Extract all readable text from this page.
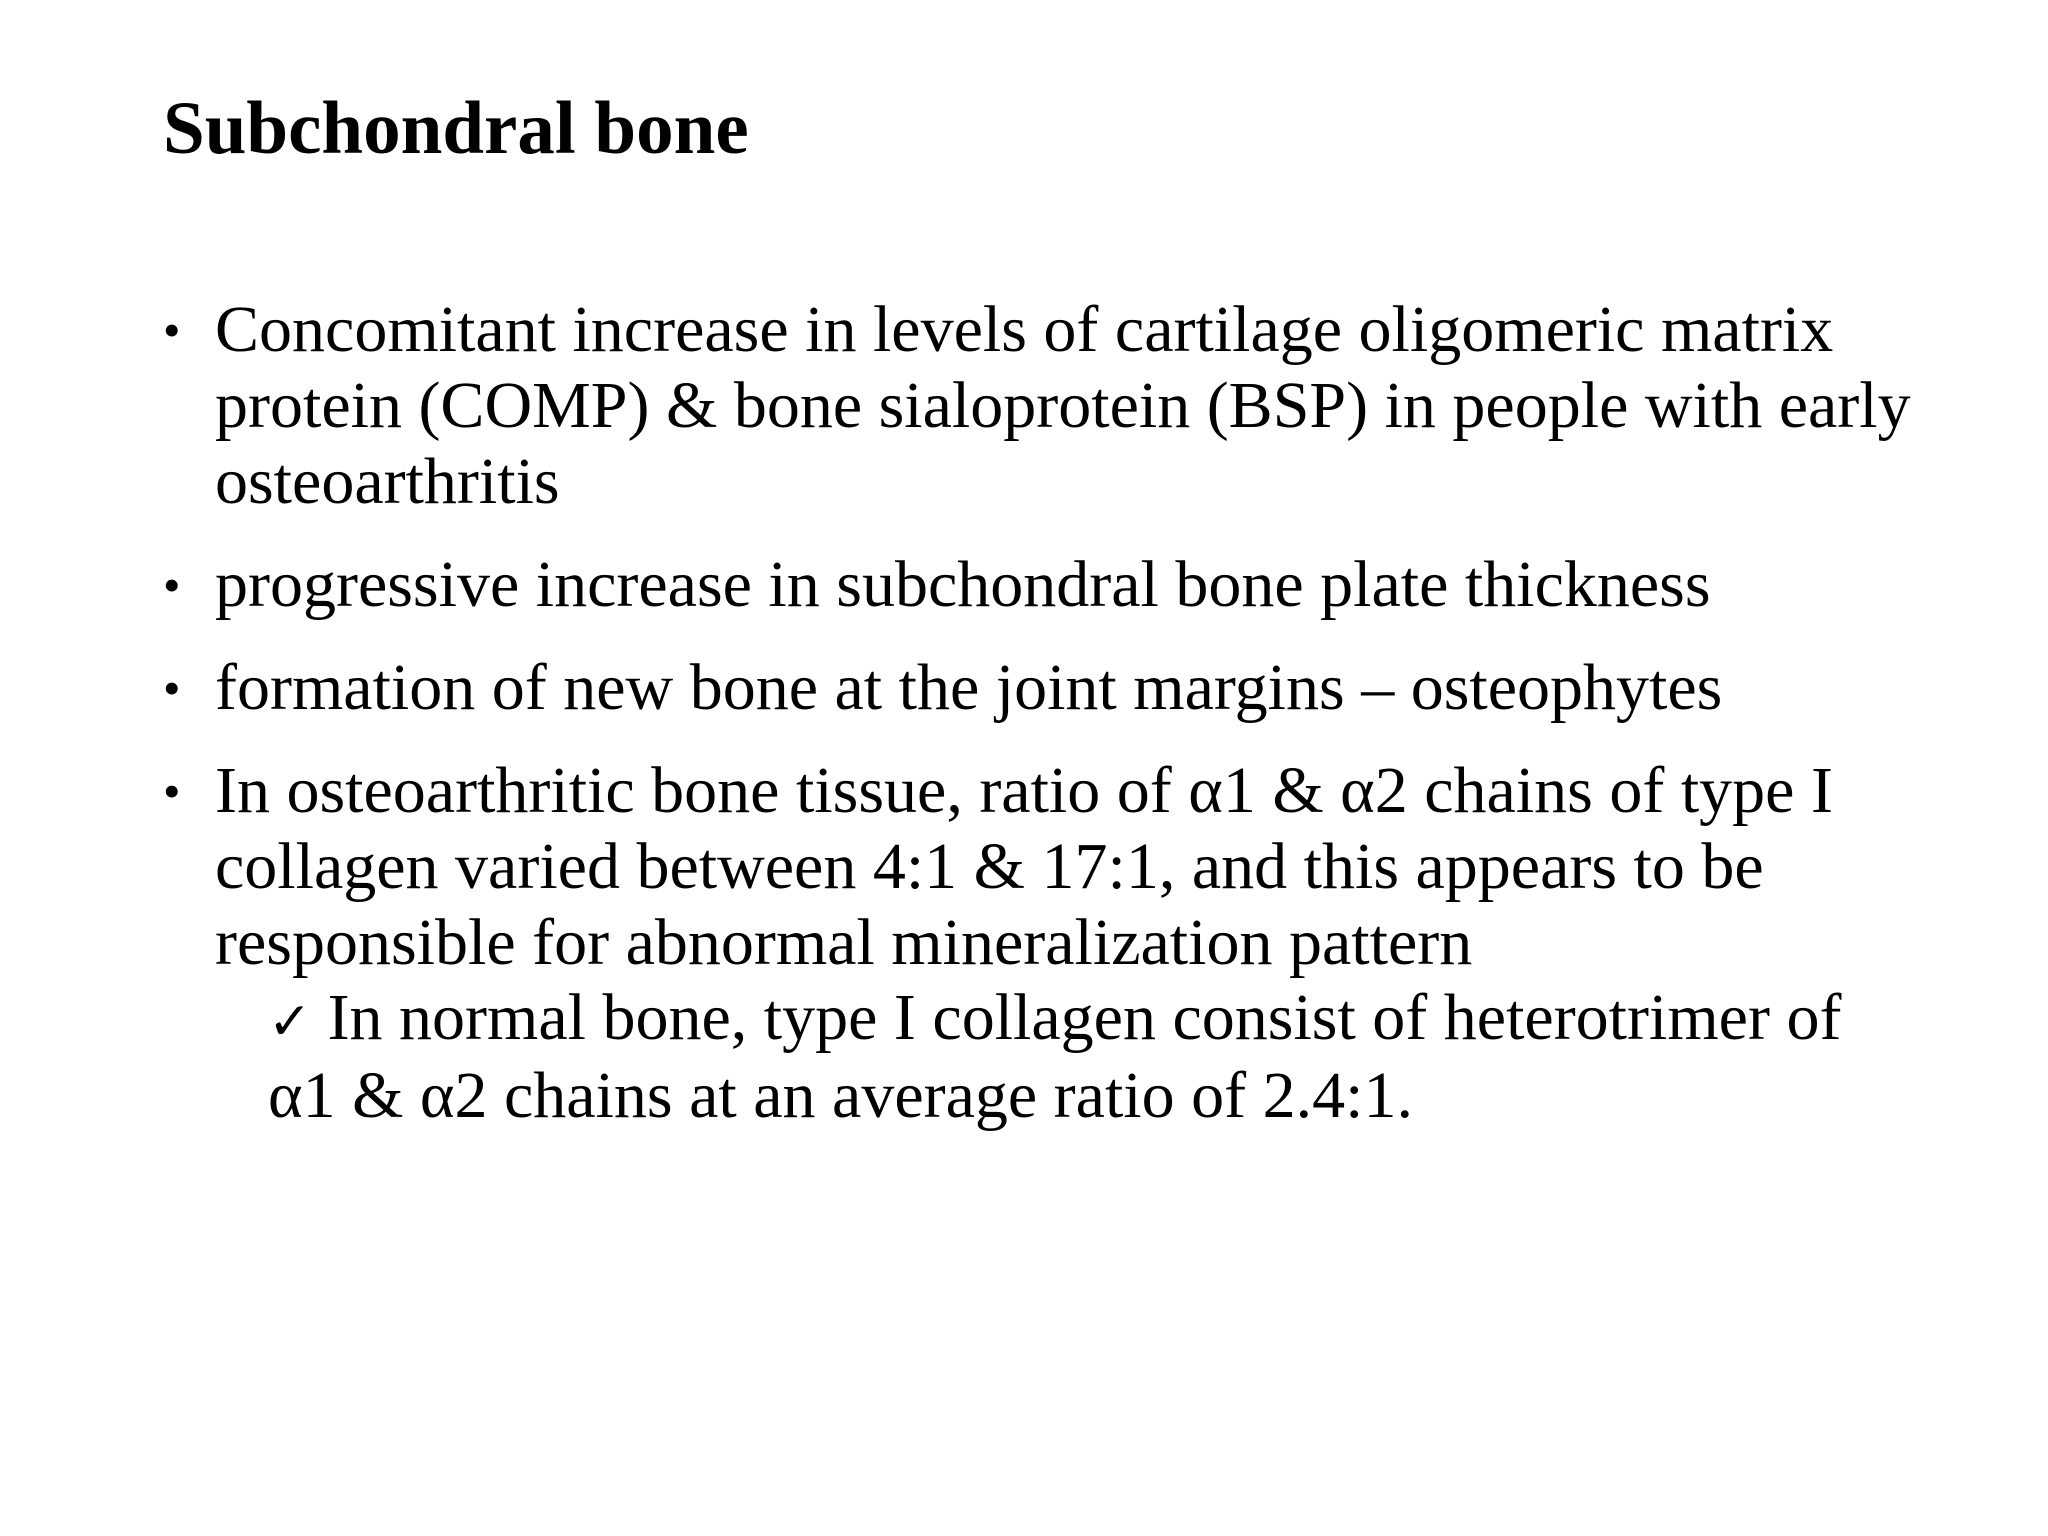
Subchondral bone
• Concomitant increase in levels of cartilage oligomeric matrix protein (COMP) & bone sialoprotein (BSP) in people with early osteoarthritis
• progressive increase in subchondral bone plate thickness
• formation of new bone at the joint margins – osteophytes
• In osteoarthritic bone tissue, ratio of α1 & α2 chains of type I collagen varied between 4:1 & 17:1, and this appears to be responsible for abnormal mineralization pattern
✓ In normal bone, type I collagen consist of heterotrimer of α1 & α2 chains at an average ratio of 2.4:1.
